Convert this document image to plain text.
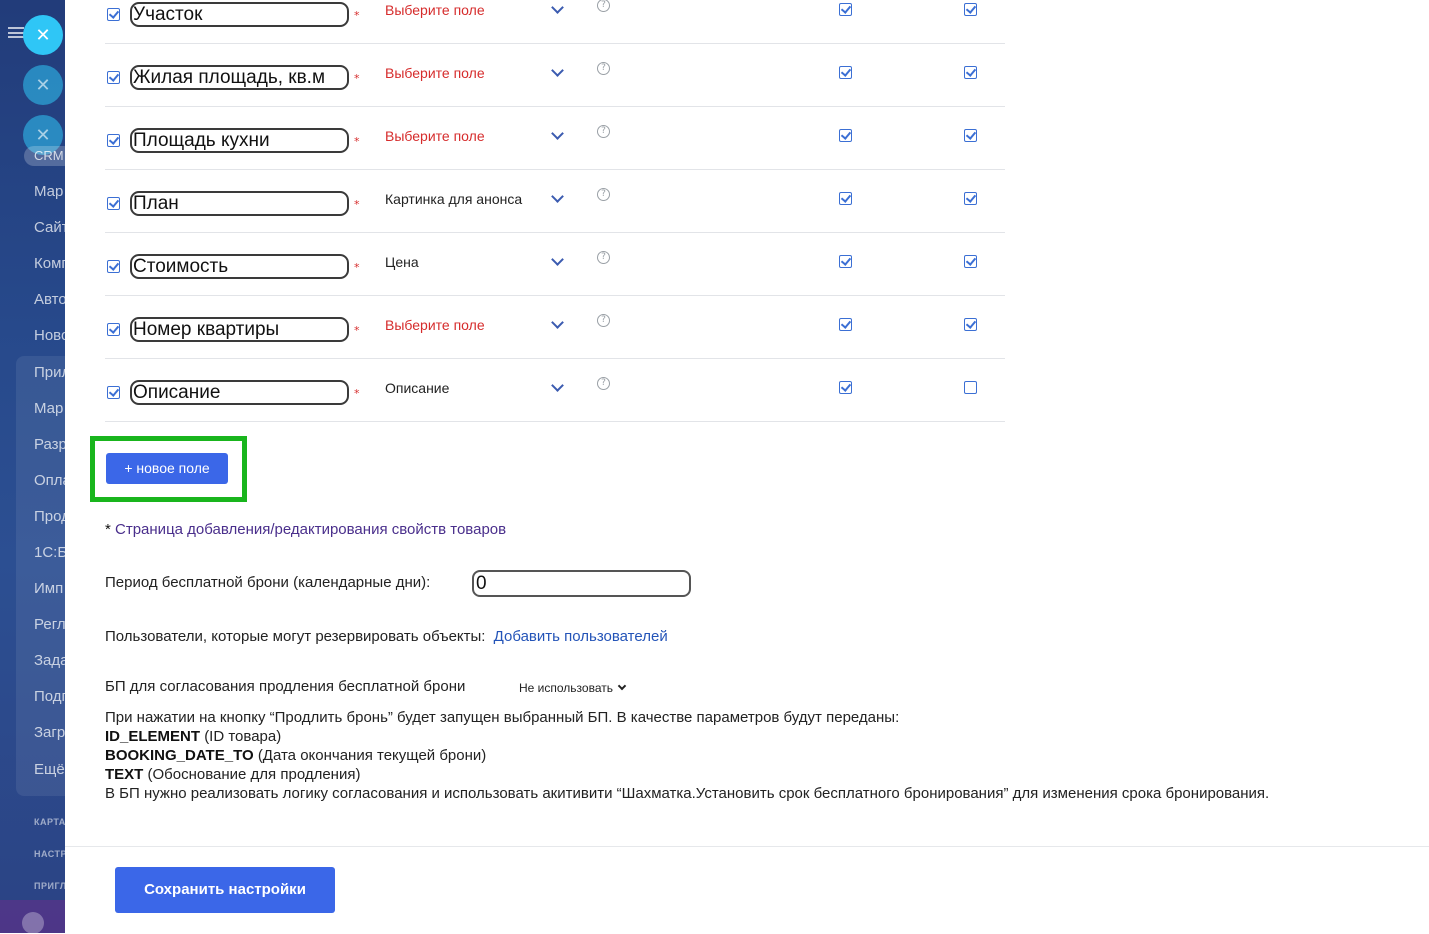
✕
✕
✕
CRM
Мар
Сайт
Комп
Авто
Ново
Прил
Мар
Разр
Опла
Прод
1С:Б
Имп
Регл
Зада
Подп
Загр
Ещё
КАРТА
НАСТР
ПРИГЛ
Участок	* Выберите поле	?
Жилая площадь, кв.м	* Выберите поле	?
Площадь кухни	* Выберите поле	?
План	* Картинка для анонса	?
Стоимость	* Цена	?
Номер квартиры	* Выберите поле	?
Описание	* Описание	?
+ новое поле
* Страница добавления/редактирования свойств товаров
Период бесплатной брони (календарные дни): 0
Пользователи, которые могут резервировать объекты: Добавить пользователей
БП для согласования продления бесплатной брони	Не использовать
При нажатии на кнопку “Продлить бронь” будет запущен выбранный БП. В качестве параметров будут переданы:
ID_ELEMENT (ID товара)
BOOKING_DATE_TO (Дата окончания текущей брони)
TEXT (Обоснование для продления)
В БП нужно реализовать логику согласования и использовать акитивити “Шахматка.Установить срок бесплатного бронирования” для изменения срока бронирования.
Сохранить настройки
